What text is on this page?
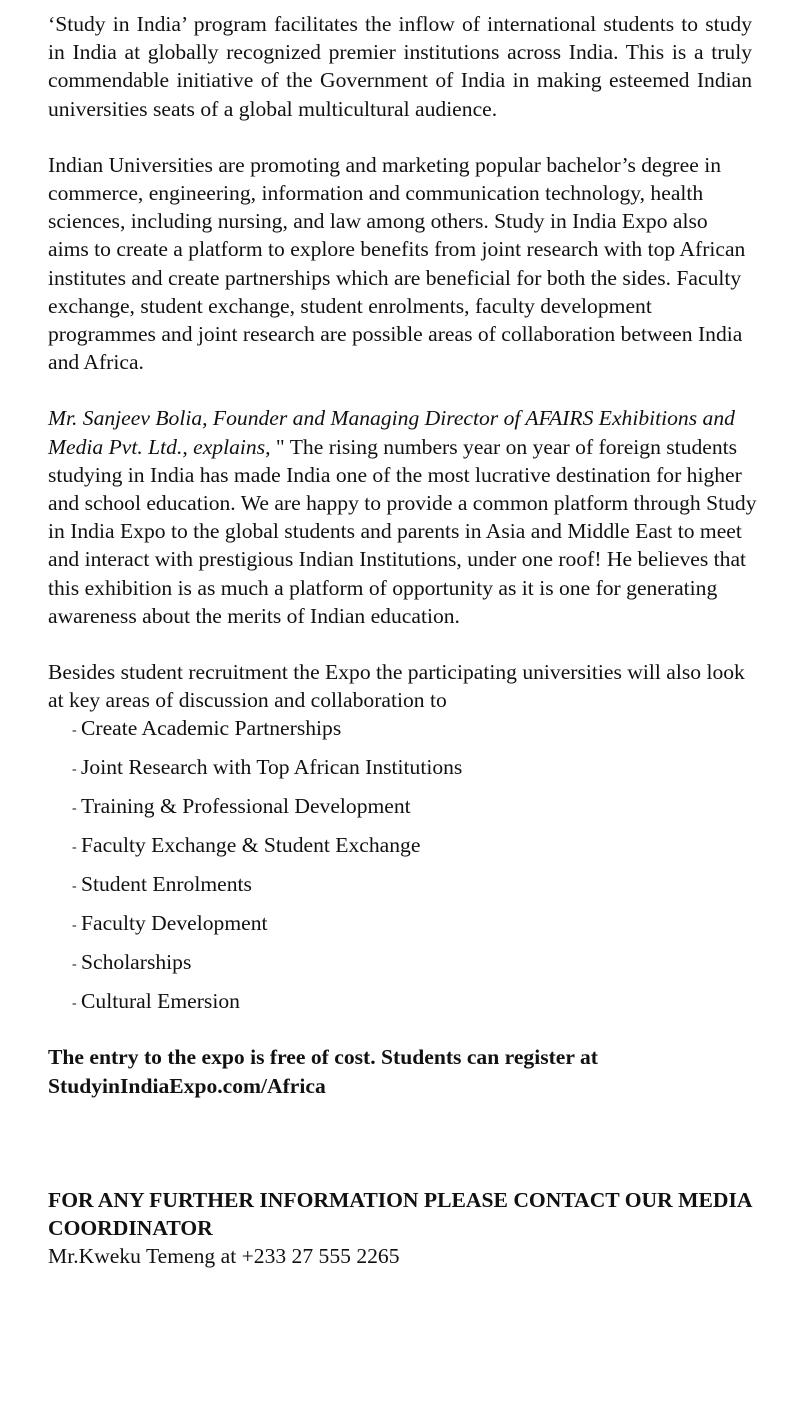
‘Study in India’ program facilitates the inflow of international students to study in India at globally recognized premier institutions across India. This is a truly commendable initiative of the Government of India in making esteemed Indian universities seats of a global multicultural audience.

Indian Universities are promoting and marketing popular bachelor’s degree in commerce, engineering, information and communication technology, health sciences, including nursing, and law among others. Study in India Expo also aims to create a platform to explore benefits from joint research with top African institutes and create partnerships which are beneficial for both the sides. Faculty exchange, student exchange, student enrolments, faculty development programmes and joint research are possible areas of collaboration between India and Africa.

Mr. Sanjeev Bolia, Founder and Managing Director of AFAIRS Exhibitions and Media Pvt. Ltd., explains, " The rising numbers year on year of foreign students studying in India has made India one of the most lucrative destination for higher and school education. We are happy to provide a common platform through Study in India Expo to the global students and parents in Asia and Middle East to meet and interact with prestigious Indian Institutions, under one roof! He believes that this exhibition is as much a platform of opportunity as it is one for generating awareness about the merits of Indian education.

Besides student recruitment the Expo the participating universities will also look at key areas of discussion and collaboration to

- Create Academic Partnerships
- Joint Research with Top African Institutions
- Training & Professional Development
- Faculty Exchange & Student Exchange
- Student Enrolments
- Faculty Development
- Scholarships
- Cultural Emersion

The entry to the expo is free of cost. Students can register at
StudyinIndiaExpo.com/Africa

FOR ANY FURTHER INFORMATION PLEASE CONTACT OUR MEDIA COORDINATOR

Mr.Kweku Temeng at +233 27 555 2265
